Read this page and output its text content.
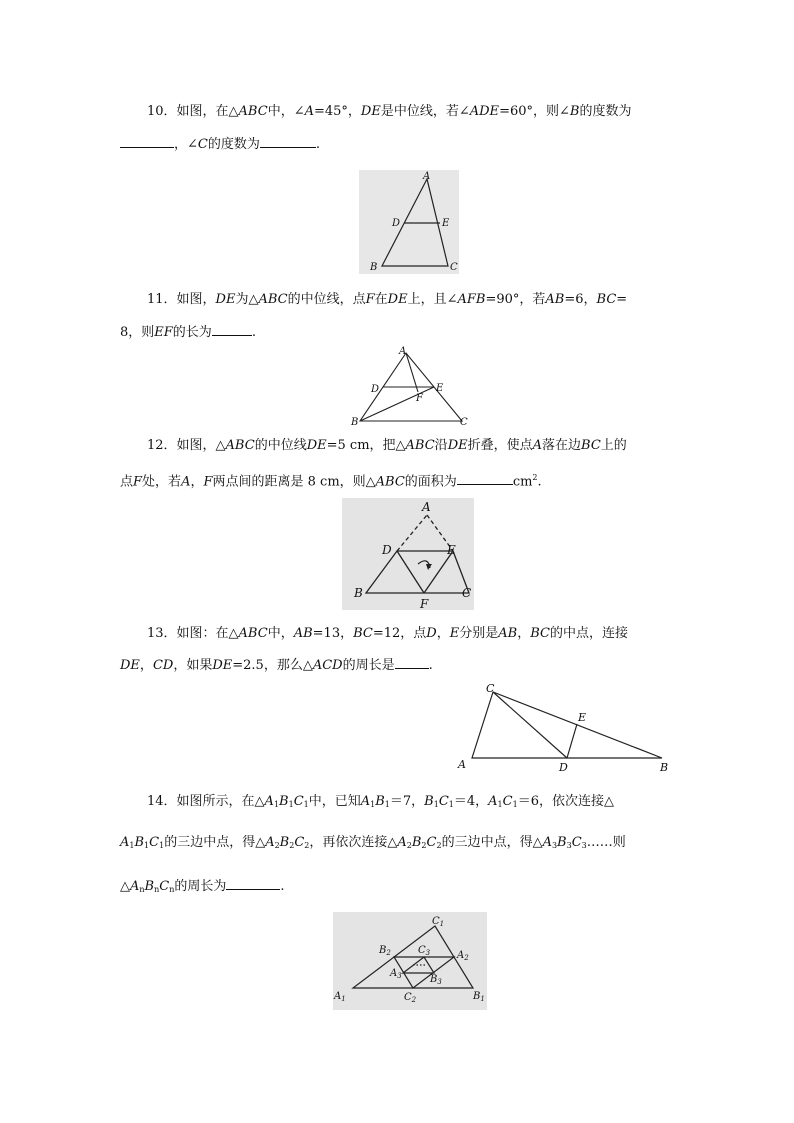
10．如图，在△ABC中，∠A=45°，DE是中位线，若∠ADE=60°，则∠B的度数为
，∠C的度数为	.
A
D	E
B	C
11．如图，DE为△ABC的中位线，点F在DE上，且∠AFB=90°，若AB=6，BC=
8，则EF的长为	.
A
D	E
F
B	C
12．如图，△ABC的中位线DE=5 cm，把△ABC沿DE折叠，使点A落在边BC上的
点F处，若A，F两点间的距离是 8 cm，则△ABC的面积为	$cm^2$.
A
D	E
B
F
C
13．如图：在△ABC中，AB=13，BC=12，点D，E分别是AB，BC的中点，连接
DE，CD，如果DE=2.5，那么△ACD的周长是	.
C
E
A	D	B
14．如图所示，在$\triangle A_1B_1C_1$中，已知$A_1B_1=7$，$B_1C_1=4$，$A_1C_1=6$，依次连接△
$A_1B_1C_1$的三边中点，得$\triangle A_2B_2C_2$，再依次连接$\triangle A_2B_2C_2$的三边中点，得$\triangle A_3B_3C_3\dots\dots$则
$\triangle A_nB_nC_n$的周长为	.
$C_1$
$B_2$	$C_3$	$A_2$
$A_3$	$B_3$
$A_1$	$C_2$	$B_1$
